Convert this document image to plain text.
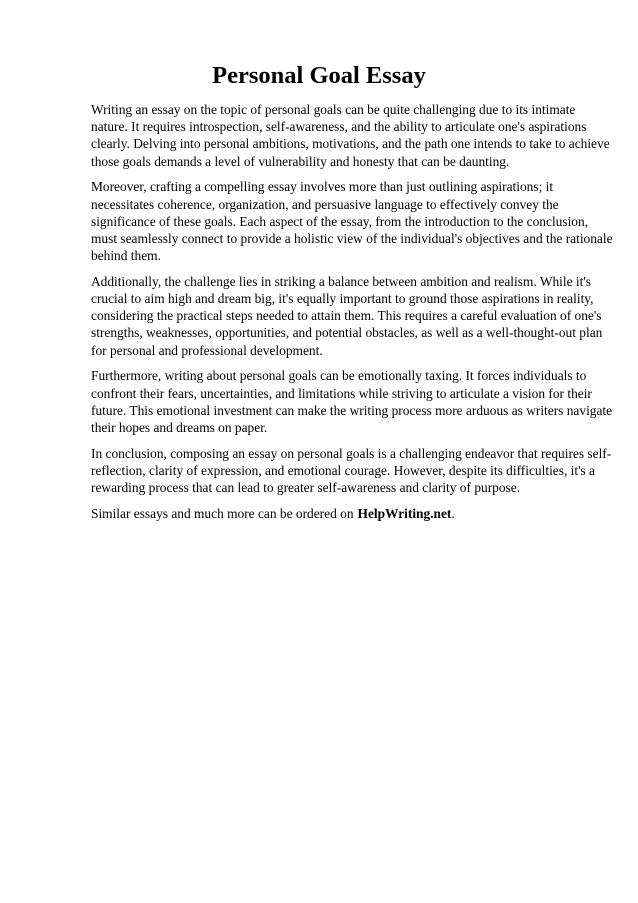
Personal Goal Essay

Writing an essay on the topic of personal goals can be quite challenging due to its intimate
nature. It requires introspection, self-awareness, and the ability to articulate one's aspirations
clearly. Delving into personal ambitions, motivations, and the path one intends to take to achieve
those goals demands a level of vulnerability and honesty that can be daunting.

Moreover, crafting a compelling essay involves more than just outlining aspirations; it
necessitates coherence, organization, and persuasive language to effectively convey the
significance of these goals. Each aspect of the essay, from the introduction to the conclusion,
must seamlessly connect to provide a holistic view of the individual's objectives and the rationale
behind them.

Additionally, the challenge lies in striking a balance between ambition and realism. While it's
crucial to aim high and dream big, it's equally important to ground those aspirations in reality,
considering the practical steps needed to attain them. This requires a careful evaluation of one's
strengths, weaknesses, opportunities, and potential obstacles, as well as a well-thought-out plan
for personal and professional development.

Furthermore, writing about personal goals can be emotionally taxing. It forces individuals to
confront their fears, uncertainties, and limitations while striving to articulate a vision for their
future. This emotional investment can make the writing process more arduous as writers navigate
their hopes and dreams on paper.

In conclusion, composing an essay on personal goals is a challenging endeavor that requires self-
reflection, clarity of expression, and emotional courage. However, despite its difficulties, it's a
rewarding process that can lead to greater self-awareness and clarity of purpose.

Similar essays and much more can be ordered on HelpWriting.net.
